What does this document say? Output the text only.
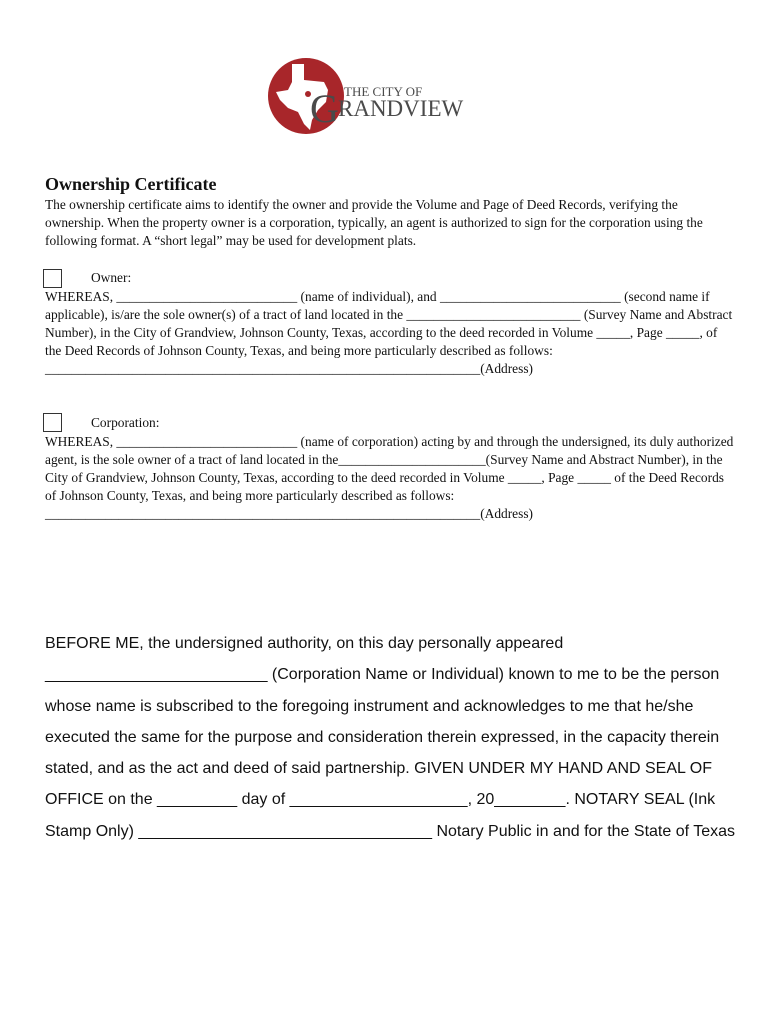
THE CITY OF
G RANDVIEW
Ownership Certificate

The ownership certificate aims to identify the owner and provide the Volume and Page of Deed Records, verifying the ownership. When the property owner is a corporation, typically, an agent is authorized to sign for the corporation using the following format. A “short legal” may be used for development plats.

Owner:

WHEREAS, ___________________________ (name of individual), and ___________________________ (second name if applicable), is/are the sole owner(s) of a tract of land located in the __________________________ (Survey Name and Abstract Number), in the City of Grandview, Johnson County, Texas, according to the deed recorded in Volume _____, Page _____, of the Deed Records of Johnson County, Texas, and being more particularly described as follows: _________________________________________________________________(Address)

Corporation:

WHEREAS, ___________________________ (name of corporation) acting by and through the undersigned, its duly authorized agent, is the sole owner of a tract of land located in the______________________(Survey Name and Abstract Number), in the City of Grandview, Johnson County, Texas, according to the deed recorded in Volume _____, Page _____ of the Deed Records of Johnson County, Texas, and being more particularly described as follows: _________________________________________________________________(Address)

BEFORE ME, the undersigned authority, on this day personally appeared _________________________ (Corporation Name or Individual) known to me to be the person whose name is subscribed to the foregoing instrument and acknowledges to me that he/she executed the same for the purpose and consideration therein expressed, in the capacity therein stated, and as the act and deed of said partnership. GIVEN UNDER MY HAND AND SEAL OF OFFICE on the _________ day of ____________________, 20________. NOTARY SEAL (Ink Stamp Only) _________________________________ Notary Public in and for the State of Texas
